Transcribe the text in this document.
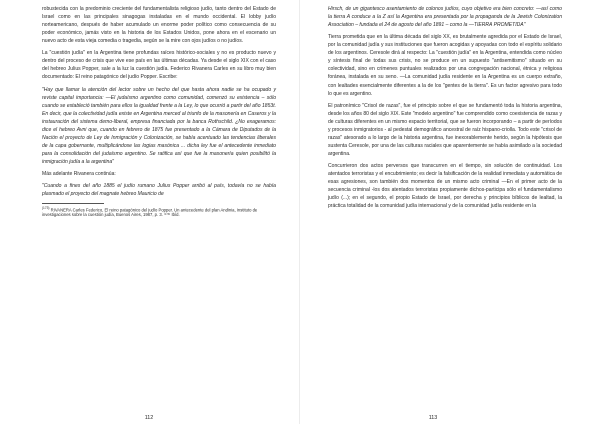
robustecida con la predominio creciente del fundamentalista religioso judío, tanto dentro del Estado de Israel como en las principales sinagogas instaladas en el mundo occidental. El lobby judío norteamericano, después de haber acumulado un enorme poder político como consecuencia de su poder económico, jamás visto en la historia de los Estados Unidos, pone ahora en el escenario un nuevo acto de esta vieja comedia o tragedia, según se la mire con ojos judíos o no judíos.

La "cuestión judía" en la Argentina tiene profundas raíces histórico-sociales y no es producto nuevo y dentro del proceso de crisis que vive ese país en las últimas décadas. Ya desde el siglo XIX con el caso del hebreo Julius Popper, sale a la luz la cuestión judía. Federico Rivanera Carles en su libro muy bien documentado: El reino patagónico del judío Popper. Escribe:

"Hay que llamar la atención del lector sobre un hecho del que hasta ahora nadie se ha ocupado y reviste capital importancia: —El judaísmo argentino como comunidad, comenzó su existencia – sólo cuando se estableció también para ellos la igualdad frente a la Ley, lo que ocurrió a partir del año 1853t. En decir, que la colectividad judía existe en Argentina merced al triunfo de la masonería en Caseros y la instauración del sistema demo-liberal, empresa financiada por la banca Rothschild. ¿No exageramos: dice el hebreo Avni que, cuando en febrero de 1875 fue presentado a la Cámara de Diputados de la Nación el proyecto de Ley de Inmigración y Colonización, se había acentuado las tendencias liberales de la capa gobernante, multiplicándose las logias masónica ... dicha ley fue el antecedente inmediato para la consolidación del judaísmo argentino. Se ratifica así que fue la masonería quien posibilitó la inmigración judía a la argentina"

Más adelante Rivanera continúa:

"Cuando a fines del año 1885 el judío rumano Julius Popper arribó al país, todavía no se había plasmado el proyecto del magnate hebreo Mauricio de

$^{(173)}$ RIVANERA Carles Federico, El reino patagónico del judío Popper. Un antecedente del plan Andinia, Instituto de investigaciones sobre la cuestión judía, Buenos Aires, 1987, p. 3. ⁽¹⁷³⁾ Ibíd.

Hirsch, de un gigantesco asentamiento de colonos judíos, cuyo objetivo era bien concreto: —así como la tierra A conduce a la Z así la Argentina era presentada por la propaganda de la Jewish Colonization Association – fundada el 24 de agosto del año 1891 – como la —TIERRA PROMETIDA"

Tierra prometida que en la última década del siglo XX, es brutalmente agredida por el Estado de Israel, por la comunidad judía y sus instituciones que fueron acogidas y apoyadas con todo el espíritu solidario de los argentinos. Ceresole dirá al respecto: La "cuestión judía" en la Argentina, entendida como núcleo y síntesis final de todas sus crisis, no se produce en un supuesto "antisemitismo" situado en su colectividad, sino en crímenes puntuales realizados por una congregación nacional, étnica y religiosa foránea, instalada en su seno. —La comunidad judía residente en la Argentina es un cuerpo extraño, con lealtades esencialmente diferentes a la de los "gentes de la tierra". Es un factor agresivo para todo lo que es argentino.

El patronímico "Crisol de razas", fue el principio sobre el que se fundamentó toda la historia argentina, desde los años 80 del siglo XIX. Este "modelo argentino" fue comprendido como coexistencia de razas y de culturas diferentes en un mismo espacio territorial, que se fueron incorporando – a partir de períodos y procesos inmigratorios - al pedestal demográfico ancestral de raíz hispano-criolla. Todo este "crisol de razas" atesorado a lo largo de la historia argentina, fue inexorablemente herido, según la hipótesis que sustenta Ceresole, por una de las culturas raciales que aparentemente se había asimilado a la sociedad argentina.

Concurrieron dos actos perversos que transcurren en el tiempo, sin solución de continuidad. Los atentados terroristas y el encubrimiento; es decir la falsificación de la realidad inmediata y automática de esas agresiones, son también dos momentos de un mismo acto criminal —En el primer acto de la secuencia criminal -los dos atentados terroristas propiamente dichos-participa sólo el fundamentalismo judío (...); en el segundo, el propio Estado de Israel, por derecha y principios bíblicos de lealtad, la práctica totalidad de la comunidad judía internacional y de la comunidad judía residente en la

112	113
